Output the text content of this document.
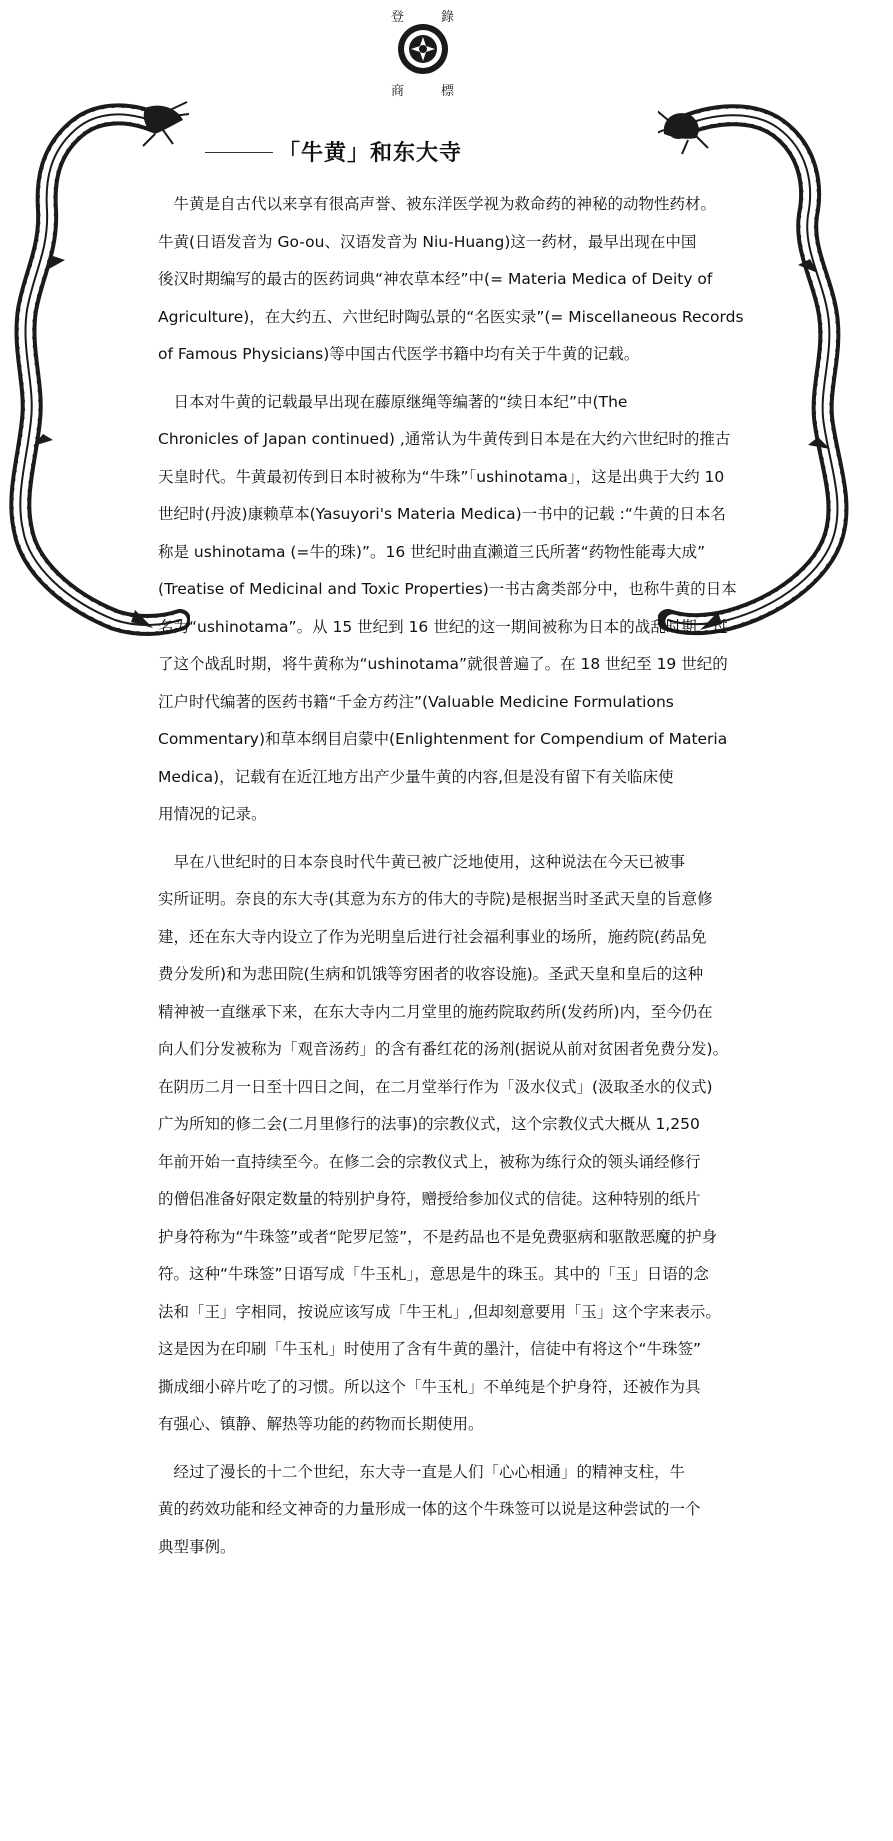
登	錄
商	標
「牛黄」和东大寺
　牛黄是自古代以来享有很高声誉、被东洋医学视为救命药的神秘的动物性药材。
牛黄(日语发音为 Go-ou、汉语发音为 Niu-Huang)这一药材，最早出现在中国
後汉时期编写的最古的医药词典“神农草本经”中(= Materia Medica of Deity of
Agriculture)，在大约五、六世纪时陶弘景的“名医实录”(= Miscellaneous Records
of Famous Physicians)等中国古代医学书籍中均有关于牛黄的记载。
　日本对牛黄的记载最早出现在藤原继绳等编著的“续日本纪”中(The
Chronicles of Japan continued) ,通常认为牛黄传到日本是在大约六世纪时的推古
天皇时代。牛黄最初传到日本时被称为“牛珠”「ushinotama」，这是出典于大约 10
世纪时(丹波)康赖草本(Yasuyori's Materia Medica)一书中的记载 :“牛黄的日本名
称是 ushinotama (=牛的珠)”。16 世纪时曲直濑道三氏所著“药物性能毒大成”
(Treatise of Medicinal and Toxic Properties)一书古禽类部分中，也称牛黄的日本
名为“ushinotama”。从 15 世纪到 16 世纪的这一期间被称为日本的战乱时期，过
了这个战乱时期，将牛黄称为“ushinotama”就很普遍了。在 18 世纪至 19 世纪的
江户时代编著的医药书籍“千金方药注”(Valuable Medicine Formulations
Commentary)和草本纲目启蒙中(Enlightenment for Compendium of Materia
Medica)，记载有在近江地方出产少量牛黄的内容,但是没有留下有关临床使
用情况的记录。
　早在八世纪时的日本奈良时代牛黄已被广泛地使用，这种说法在今天已被事
实所证明。奈良的东大寺(其意为东方的伟大的寺院)是根据当时圣武天皇的旨意修
建，还在东大寺内设立了作为光明皇后进行社会福利事业的场所，施药院(药品免
费分发所)和为悲田院(生病和饥饿等穷困者的收容设施)。圣武天皇和皇后的这种
精神被一直继承下来，在东大寺内二月堂里的施药院取药所(发药所)内，至今仍在
向人们分发被称为「观音汤药」的含有番红花的汤剂(据说从前对贫困者免费分发)。
在阴历二月一日至十四日之间，在二月堂举行作为「汲水仪式」(汲取圣水的仪式)
广为所知的修二会(二月里修行的法事)的宗教仪式，这个宗教仪式大概从 1,250
年前开始一直持续至今。在修二会的宗教仪式上，被称为练行众的领头诵经修行
的僧侣准备好限定数量的特别护身符，赠授给参加仪式的信徒。这种特别的纸片
护身符称为“牛珠签”或者“陀罗尼签”，不是药品也不是免费驱病和驱散恶魔的护身
符。这种“牛珠签”日语写成「牛玉札」，意思是牛的珠玉。其中的「玉」日语的念
法和「王」字相同，按说应该写成「牛王札」,但却刻意要用「玉」这个字来表示。
这是因为在印刷「牛玉札」时使用了含有牛黄的墨汁，信徒中有将这个“牛珠签”
撕成细小碎片吃了的习惯。所以这个「牛玉札」不单纯是个护身符，还被作为具
有强心、镇静、解热等功能的药物而长期使用。
　经过了漫长的十二个世纪，东大寺一直是人们「心心相通」的精神支柱，牛
黄的药效功能和经文神奇的力量形成一体的这个牛珠签可以说是这种尝试的一个
典型事例。
